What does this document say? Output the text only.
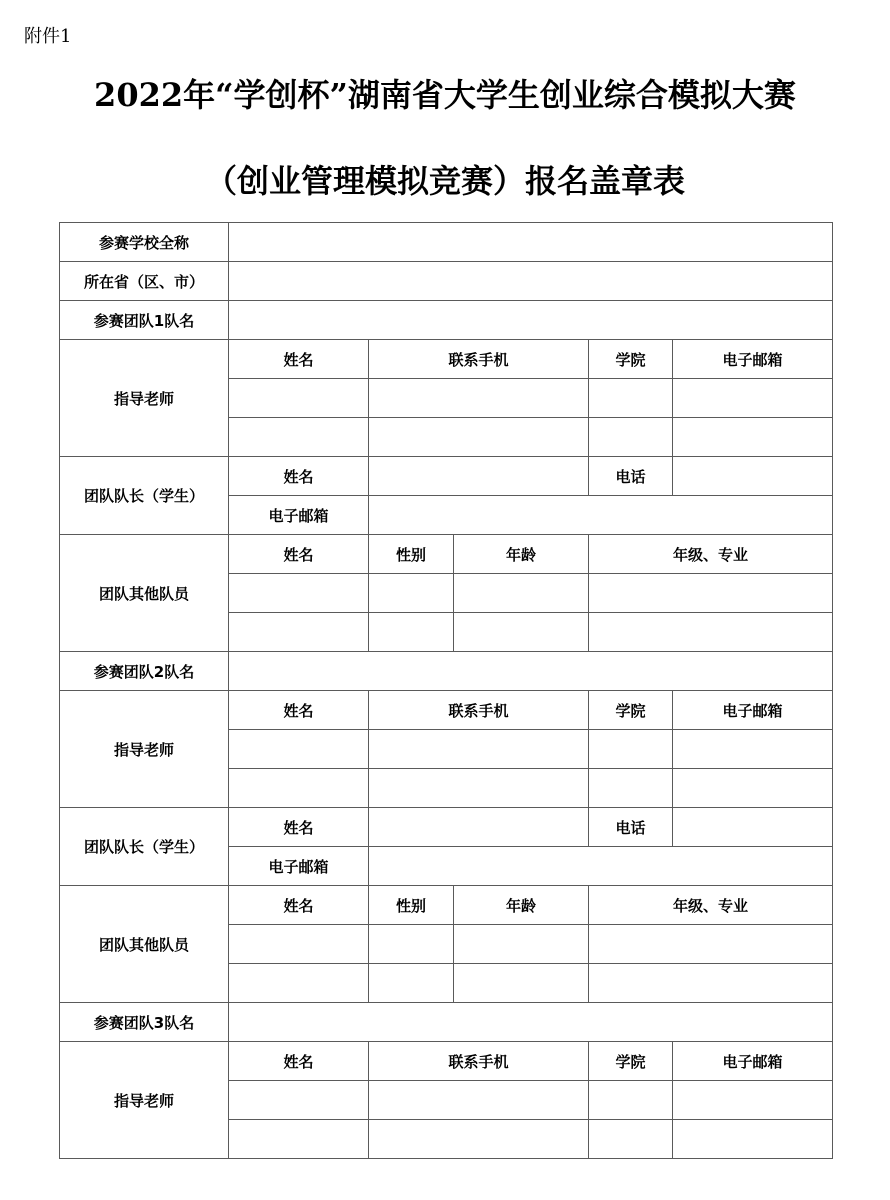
附件1
2022年“学创杯”湖南省大学生创业综合模拟大赛
（创业管理模拟竞赛）报名盖章表
参赛学校全称					
所在省（区、市）					
参赛团队1队名					
指导老师	姓名	联系手机		学院	电子邮箱

团队队长（学生）	姓名			电话	
	电子邮箱				
团队其他队员	姓名	性别	年龄	年级、专业	

参赛团队2队名					
指导老师	姓名	联系手机		学院	电子邮箱

团队队长（学生）	姓名			电话	
	电子邮箱				
团队其他队员	姓名	性别	年龄	年级、专业	

参赛团队3队名					
指导老师	姓名	联系手机		学院	电子邮箱
